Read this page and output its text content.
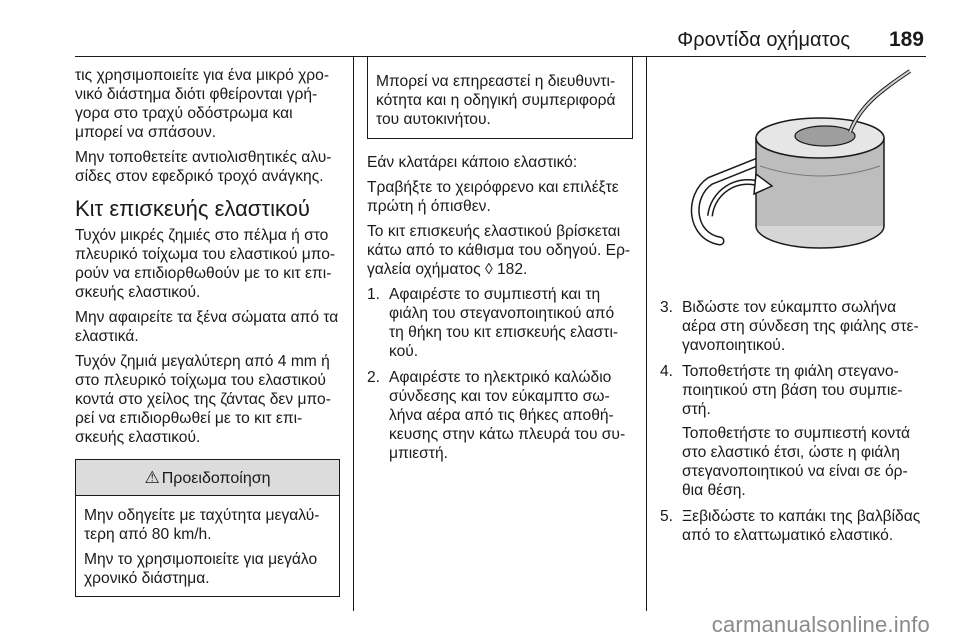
Φροντίδα οχήματος 189

τις χρησιμοποιείτε για ένα μικρό χρο‐ νικό διάστημα διότι φθείρονται γρή‐ γορα στο τραχύ οδόστρωμα και μπορεί να σπάσουν.

Μην τοποθετείτε αντιολισθητικές αλυ‐ σίδες στον εφεδρικό τροχό ανάγκης.

Κιτ επισκευής ελαστικού

Τυχόν μικρές ζημιές στο πέλμα ή στο πλευρικό τοίχωμα του ελαστικού μπο‐ ρούν να επιδιορθωθούν με το κιτ επι‐ σκευής ελαστικού.

Μην αφαιρείτε τα ξένα σώματα από τα ελαστικά.

Τυχόν ζημιά μεγαλύτερη από 4 mm ή στο πλευρικό τοίχωμα του ελαστικού κοντά στο χείλος της ζάντας δεν μπο‐ ρεί να επιδιορθωθεί με το κιτ επι‐ σκευής ελαστικού.

⚠ Προειδοποίηση

Μην οδηγείτε με ταχύτητα μεγαλύ‐ τερη από 80 km/h.

Μην το χρησιμοποιείτε για μεγάλο χρονικό διάστημα.

Μπορεί να επηρεαστεί η διευθυντι‐ κότητα και η οδηγική συμπεριφορά του αυτοκινήτου.

Εάν κλατάρει κάποιο ελαστικό:

Τραβήξτε το χειρόφρενο και επιλέξτε πρώτη ή όπισθεν.

Το κιτ επισκευής ελαστικού βρίσκεται κάτω από το κάθισμα του οδηγού. Ερ‐ γαλεία οχήματος ◊ 182.

1. Αφαιρέστε το συμπιεστή και τη φιάλη του στεγανοποιητικού από τη θήκη του κιτ επισκευής ελαστι‐ κού.
2. Αφαιρέστε το ηλεκτρικό καλώδιο σύνδεσης και τον εύκαμπτο σω‐ λήνα αέρα από τις θήκες αποθή‐ κευσης στην κάτω πλευρά του συ‐ μπιεστή.
3. Βιδώστε τον εύκαμπτο σωλήνα αέρα στη σύνδεση της φιάλης στε‐ γανοποιητικού.
4. Τοποθετήστε τη φιάλη στεγανο‐ ποιητικού στη βάση του συμπιε‐ στή.
Τοποθετήστε το συμπιεστή κοντά στο ελαστικό έτσι, ώστε η φιάλη στεγανοποιητικού να είναι σε όρ‐ θια θέση.
5. Ξεβιδώστε το καπάκι της βαλβίδας από το ελαττωματικό ελαστικό.
carmanualsonline.info
